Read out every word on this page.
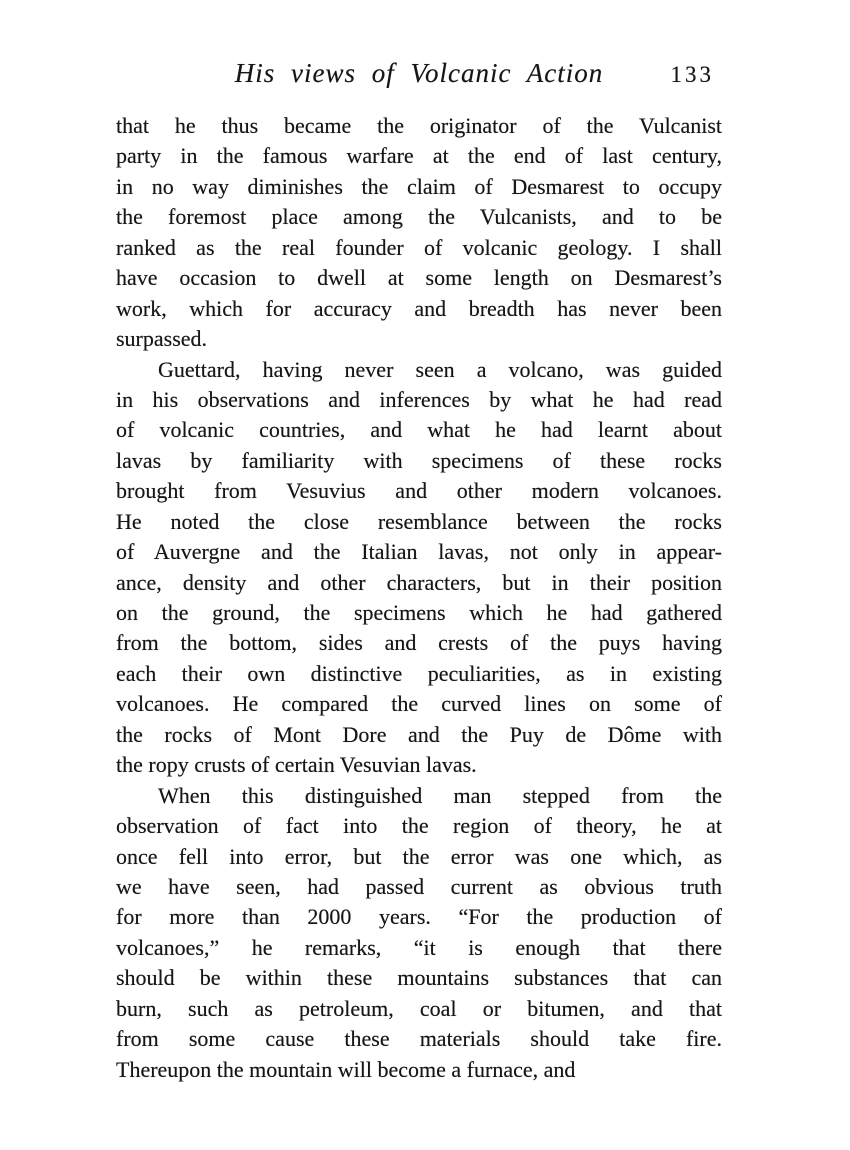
His views of Volcanic Action	133
that he thus became the originator of the Vulcanist
party in the famous warfare at the end of last century,
in no way diminishes the claim of Desmarest to occupy
the foremost place among the Vulcanists, and to be
ranked as the real founder of volcanic geology. I shall
have occasion to dwell at some length on Desmarest’s
work, which for accuracy and breadth has never been
surpassed.
Guettard, having never seen a volcano, was guided
in his observations and inferences by what he had read
of volcanic countries, and what he had learnt about
lavas by familiarity with specimens of these rocks
brought from Vesuvius and other modern volcanoes.
He noted the close resemblance between the rocks
of Auvergne and the Italian lavas, not only in appear-
ance, density and other characters, but in their position
on the ground, the specimens which he had gathered
from the bottom, sides and crests of the puys having
each their own distinctive peculiarities, as in existing
volcanoes. He compared the curved lines on some of
the rocks of Mont Dore and the Puy de Dôme with
the ropy crusts of certain Vesuvian lavas.
When this distinguished man stepped from the
observation of fact into the region of theory, he at
once fell into error, but the error was one which, as
we have seen, had passed current as obvious truth
for more than 2000 years. “For the production of
volcanoes,” he remarks, “it is enough that there
should be within these mountains substances that can
burn, such as petroleum, coal or bitumen, and that
from some cause these materials should take fire.
Thereupon the mountain will become a furnace, and
